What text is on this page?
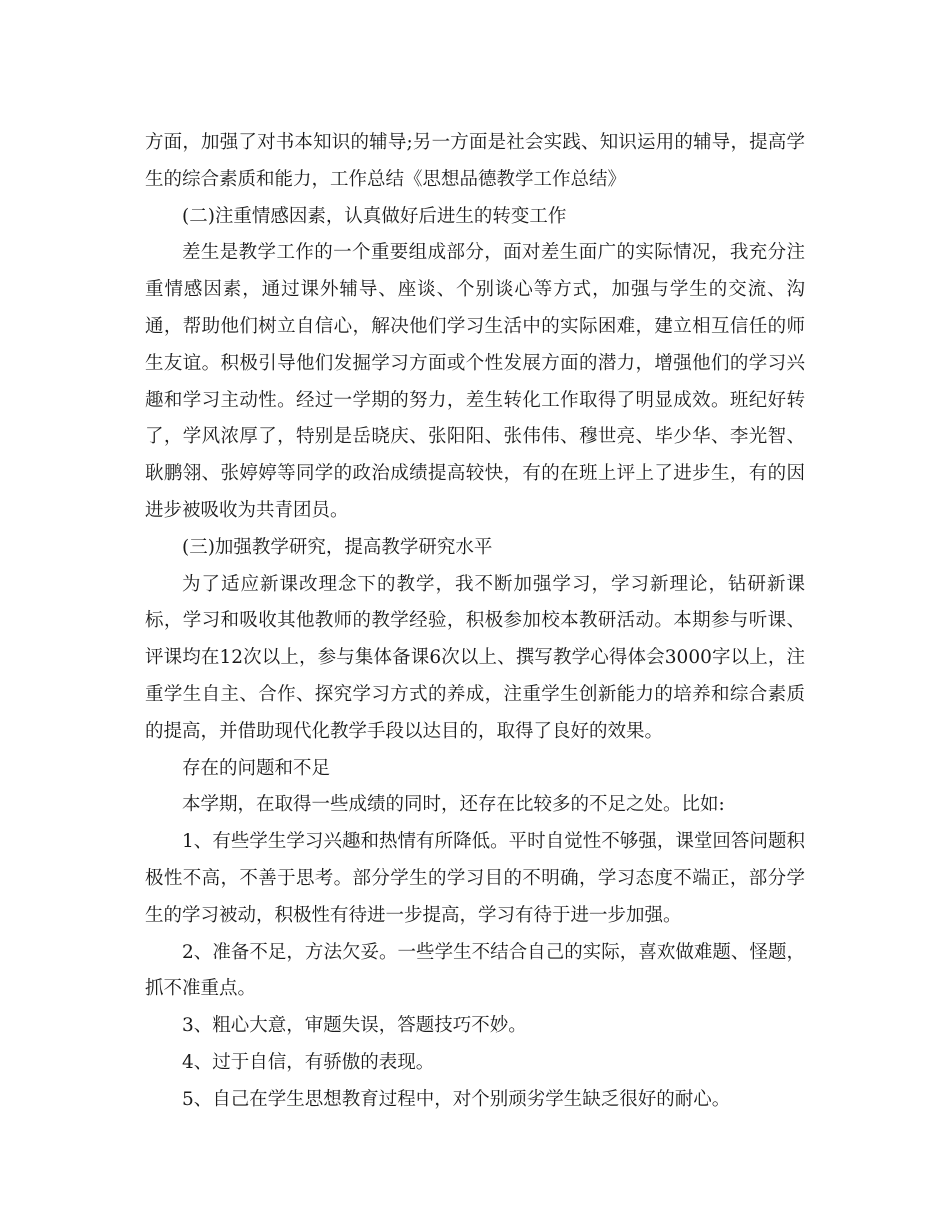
方面，加强了对书本知识的辅导;另一方面是社会实践、知识运用的辅导，提高学生的综合素质和能力，工作总结《思想品德教学工作总结》

(二)注重情感因素，认真做好后进生的转变工作

差生是教学工作的一个重要组成部分，面对差生面广的实际情况，我充分注重情感因素，通过课外辅导、座谈、个别谈心等方式，加强与学生的交流、沟通，帮助他们树立自信心，解决他们学习生活中的实际困难，建立相互信任的师生友谊。积极引导他们发掘学习方面或个性发展方面的潜力，增强他们的学习兴趣和学习主动性。经过一学期的努力，差生转化工作取得了明显成效。班纪好转了，学风浓厚了，特别是岳晓庆、张阳阳、张伟伟、穆世亮、毕少华、李光智、耿鹏翎、张婷婷等同学的政治成绩提高较快，有的在班上评上了进步生，有的因进步被吸收为共青团员。

(三)加强教学研究，提高教学研究水平

为了适应新课改理念下的教学，我不断加强学习，学习新理论，钻研新课标，学习和吸收其他教师的教学经验，积极参加校本教研活动。本期参与听课、评课均在12次以上，参与集体备课6次以上、撰写教学心得体会3000字以上，注重学生自主、合作、探究学习方式的养成，注重学生创新能力的培养和综合素质的提高，并借助现代化教学手段以达目的，取得了良好的效果。

存在的问题和不足

本学期，在取得一些成绩的同时，还存在比较多的不足之处。比如:

1、有些学生学习兴趣和热情有所降低。平时自觉性不够强，课堂回答问题积极性不高，不善于思考。部分学生的学习目的不明确，学习态度不端正，部分学生的学习被动，积极性有待进一步提高，学习有待于进一步加强。

2、准备不足，方法欠妥。一些学生不结合自己的实际，喜欢做难题、怪题，抓不准重点。

3、粗心大意，审题失误，答题技巧不妙。

4、过于自信，有骄傲的表现。

5、自己在学生思想教育过程中，对个别顽劣学生缺乏很好的耐心。
